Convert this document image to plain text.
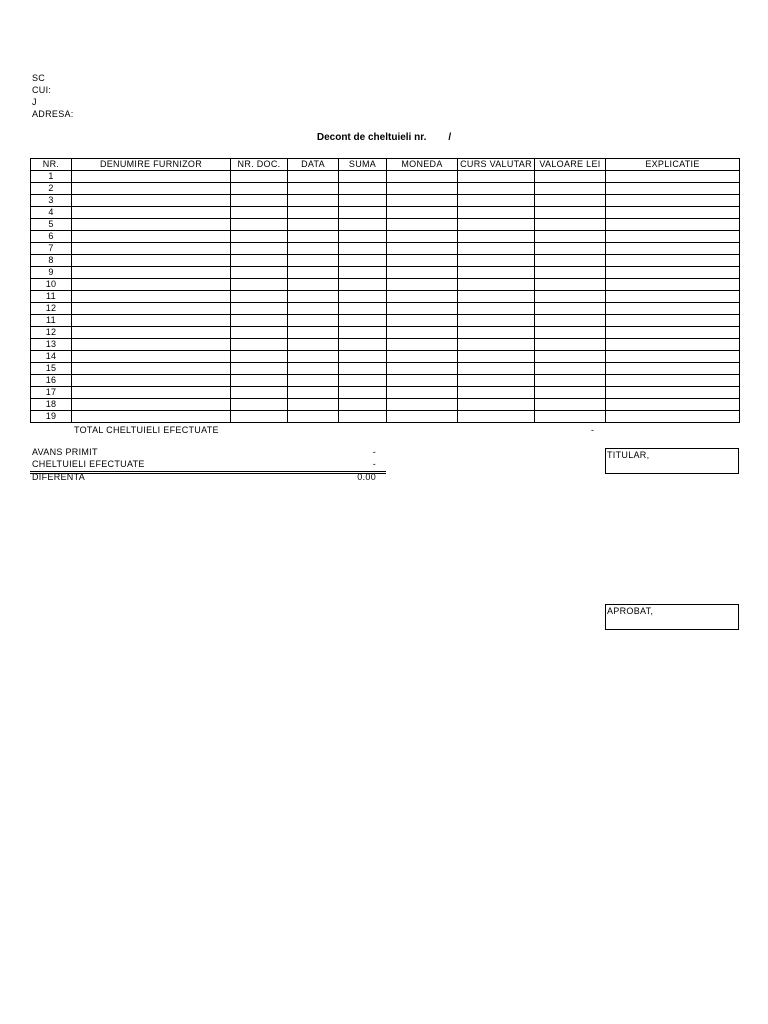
SC
CUI:
J
ADRESA:
Decont de cheltuieli nr. /
NR.	DENUMIRE FURNIZOR	NR. DOC.	DATA	SUMA	MONEDA	CURS VALUTAR	VALOARE LEI	EXPLICATIE
1								
2								
3								
4								
5								
6								
7								
8								
9								
10								
11								
12								
11								
12								
13								
14								
15								
16								
17								
18								
19								
TOTAL CHELTUIELI EFECTUATE	-
AVANS PRIMIT	-
CHELTUIELI EFECTUATE	-
DIFERENTA	0.00
TITULAR,
APROBAT,
